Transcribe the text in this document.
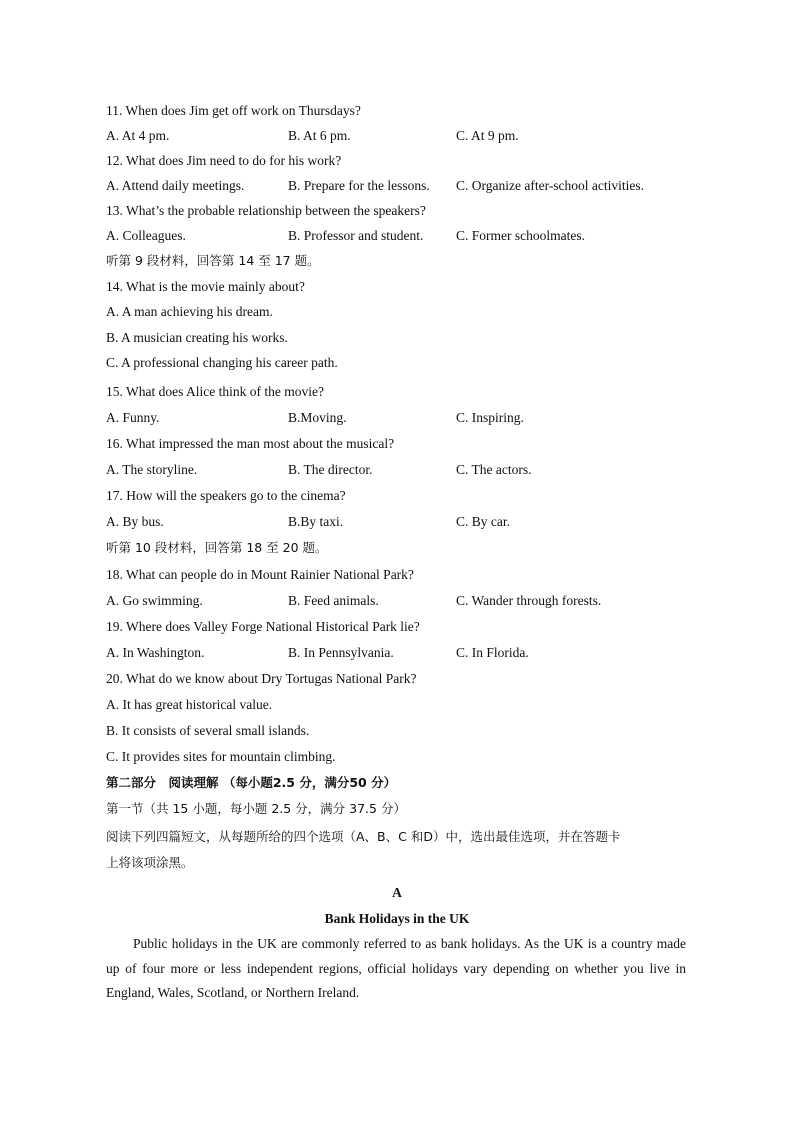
11. When does Jim get off work on Thursdays?
A. At 4 pm.	B. At 6 pm.	C. At 9 pm.
12. What does Jim need to do for his work?
A. Attend daily meetings.	B. Prepare for the lessons. C. Organize after-school activities.
13. What’s the probable relationship between the speakers?
A. Colleagues.	B. Professor and student. C. Former schoolmates.
听第 9 段材料，回答第 14 至 17 题。
14. What is the movie mainly about?
A. A man achieving his dream.
B. A musician creating his works.
C. A professional changing his career path.
15. What does Alice think of the movie?
A. Funny.	B.Moving.	C. Inspiring.
16. What impressed the man most about the musical?
A. The storyline.	B. The director.	C. The actors.
17. How will the speakers go to the cinema?
A. By bus.	B.By taxi.	C. By car.
听第 10 段材料，回答第 18 至 20 题。
18. What can people do in Mount Rainier National Park?
A. Go swimming.	B. Feed animals.	C. Wander through forests.
19. Where does Valley Forge National Historical Park lie?
A. In Washington.	B. In Pennsylvania.	C. In Florida.
20. What do we know about Dry Tortugas National Park?
A. It has great historical value.
B. It consists of several small islands.
C. It provides sites for mountain climbing.
第二部分　阅读理解 （每小题2.5 分，满分50 分）
第一节（共 15 小题，每小题 2.5 分，满分 37.5 分）
阅读下列四篇短文，从每题所给的四个选项（A、B、C 和D）中，选出最佳选项，并在答题卡
上将该项涂黑。
A
Bank Holidays in the UK
Public holidays in the UK are commonly referred to as bank holidays. As the UK is a country made up of four more or less independent regions, official holidays vary depending on whether you live in England, Wales, Scotland, or Northern Ireland.
